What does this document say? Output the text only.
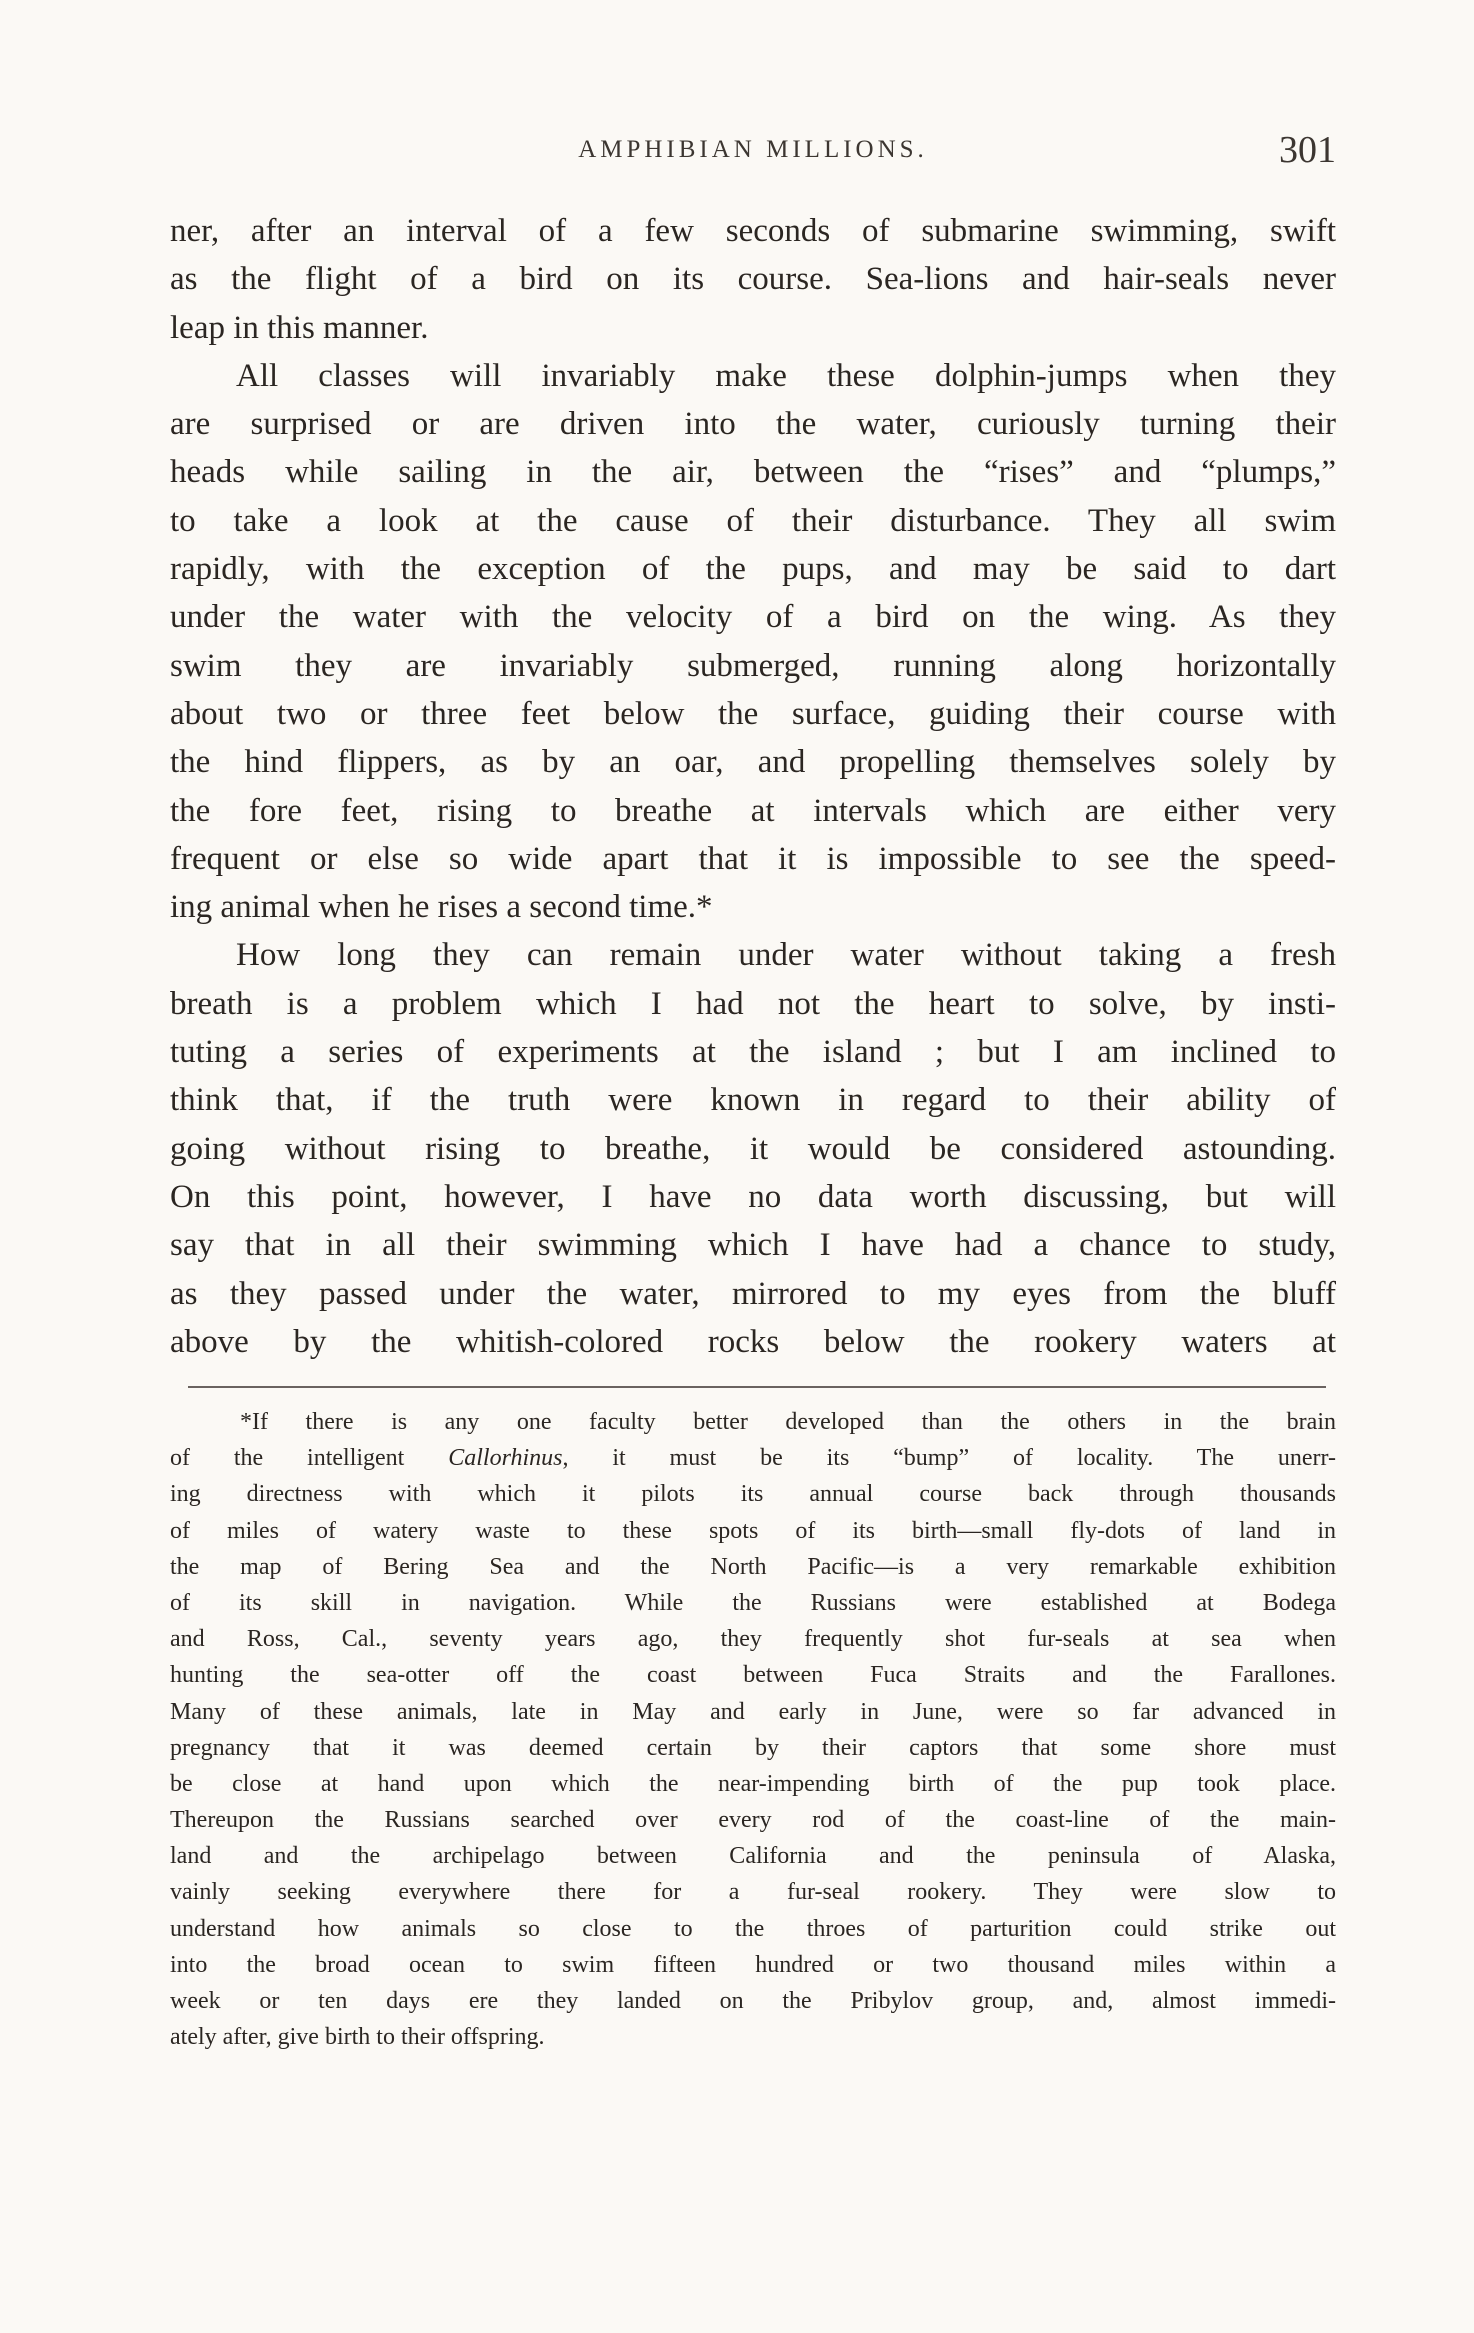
AMPHIBIAN MILLIONS.	301
ner, after an interval of a few seconds of submarine swimming, swift
as the flight of a bird on its course. Sea-lions and hair-seals never
leap in this manner.
All classes will invariably make these dolphin-jumps when they
are surprised or are driven into the water, curiously turning their
heads while sailing in the air, between the “rises” and “plumps,”
to take a look at the cause of their disturbance. They all swim
rapidly, with the exception of the pups, and may be said to dart
under the water with the velocity of a bird on the wing. As they
swim they are invariably submerged, running along horizontally
about two or three feet below the surface, guiding their course with
the hind flippers, as by an oar, and propelling themselves solely by
the fore feet, rising to breathe at intervals which are either very
frequent or else so wide apart that it is impossible to see the speed-
ing animal when he rises a second time.*
How long they can remain under water without taking a fresh
breath is a problem which I had not the heart to solve, by insti-
tuting a series of experiments at the island ; but I am inclined to
think that, if the truth were known in regard to their ability of
going without rising to breathe, it would be considered astounding.
On this point, however, I have no data worth discussing, but will
say that in all their swimming which I have had a chance to study,
as they passed under the water, mirrored to my eyes from the bluff
above by the whitish-colored rocks below the rookery waters at
*If there is any one faculty better developed than the others in the brain
of the intelligent Callorhinus, it must be its “bump” of locality. The unerr-
ing directness with which it pilots its annual course back through thousands
of miles of watery waste to these spots of its birth—small fly-dots of land in
the map of Bering Sea and the North Pacific—is a very remarkable exhibition
of its skill in navigation. While the Russians were established at Bodega
and Ross, Cal., seventy years ago, they frequently shot fur-seals at sea when
hunting the sea-otter off the coast between Fuca Straits and the Farallones.
Many of these animals, late in May and early in June, were so far advanced in
pregnancy that it was deemed certain by their captors that some shore must
be close at hand upon which the near-impending birth of the pup took place.
Thereupon the Russians searched over every rod of the coast-line of the main-
land and the archipelago between California and the peninsula of Alaska,
vainly seeking everywhere there for a fur-seal rookery. They were slow to
understand how animals so close to the throes of parturition could strike out
into the broad ocean to swim fifteen hundred or two thousand miles within a
week or ten days ere they landed on the Pribylov group, and, almost immedi-
ately after, give birth to their offspring.
